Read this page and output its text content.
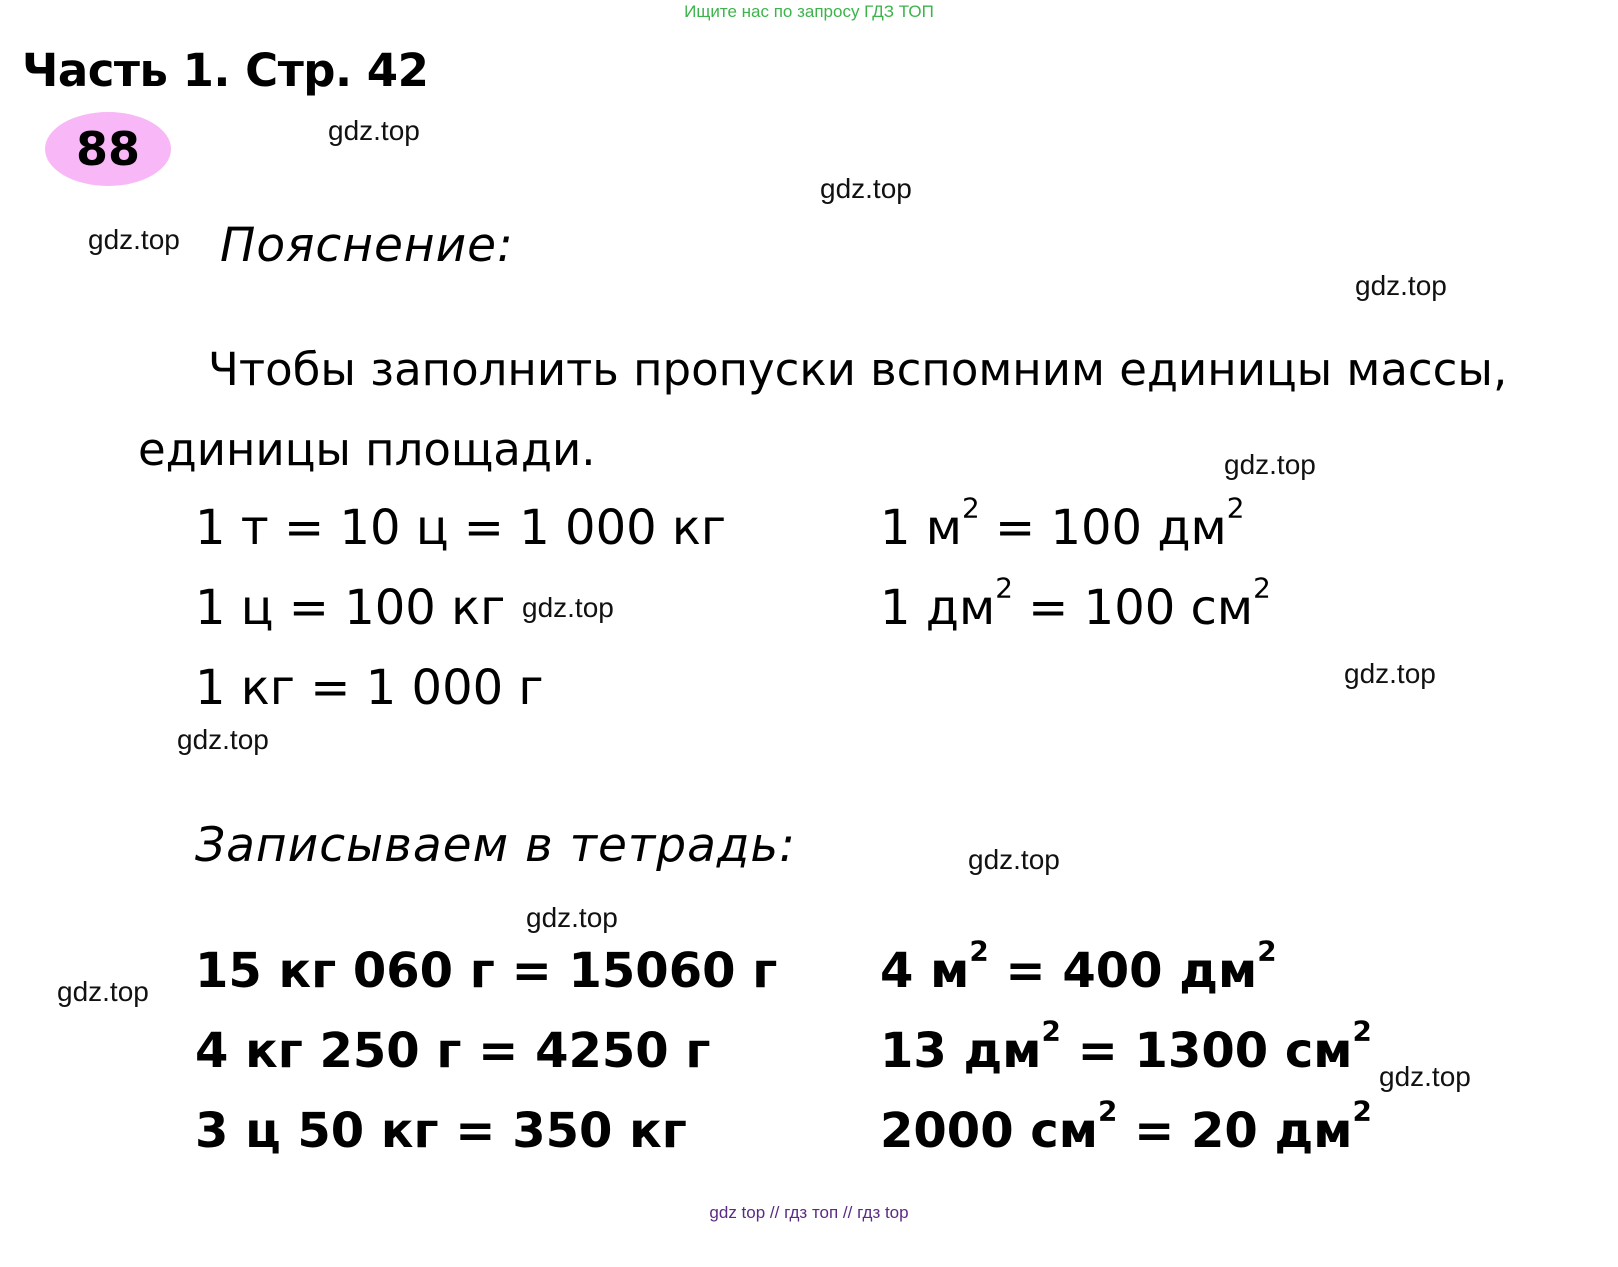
Ищите нас по запросу ГДЗ ТОП
Часть 1. Стр. 42
88	gdz.top
gdz.top
gdz.top
gdz.top
gdz.top
gdz.top
gdz.top
gdz.top
gdz.top
gdz.top
gdz.top
gdz.top
Пояснение:
Чтобы заполнить пропуски вспомним единицы массы,
единицы площади.
1 т = 10 ц = 1 000 кг
1 ц = 100 кг
1 кг = 1 000 г
1 $м^2 = 100$ $дм^2$
1 $дм^2 = 100$ $см^2$
Записываем в тетрадь:
15 кг 060 г = 15060 г
4 кг 250 г = 4250 г
3 ц 50 кг = 350 кг
4 $м^2 = 400$ $дм^2$
13 $дм^2 = 1300$ $см^2$
2000 $см^2 = 20$ $дм^2$
gdz top // гдз топ // гдз top
